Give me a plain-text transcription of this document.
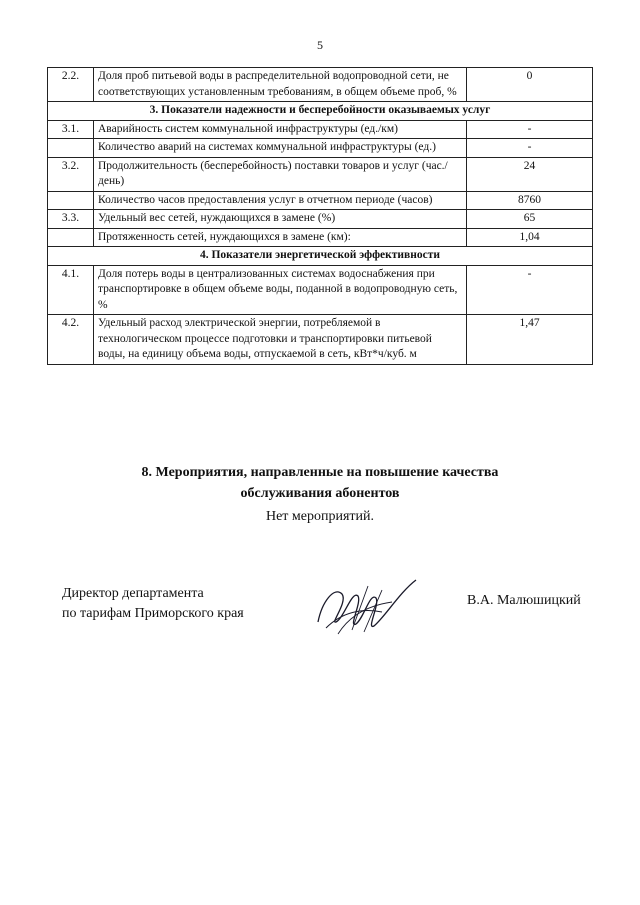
5
2.2.	Доля проб питьевой воды в распределительной водопроводной сети, не соответствующих установленным требованиям, в общем объеме проб, %	0
3. Показатели надежности и бесперебойности оказываемых услуг		
3.1.	Аварийность систем коммунальной инфраструктуры (ед./км)	-
	Количество аварий на системах коммунальной инфраструктуры (ед.)	-
3.2.	Продолжительность (бесперебойность) поставки товаров и услуг (час./день)	24
	Количество часов предоставления услуг в отчетном периоде (часов)	8760
3.3.	Удельный вес сетей, нуждающихся в замене (%)	65
	Протяженность сетей, нуждающихся в замене (км):	1,04
4. Показатели энергетической эффективности		
4.1.	Доля потерь воды в централизованных системах водоснабжения при транспортировке в общем объеме воды, поданной в водопроводную сеть, %	-
4.2.	Удельный расход электрической энергии, потребляемой в технологическом процессе подготовки и транспортировки питьевой воды, на единицу объема воды, отпускаемой в сеть, кВт*ч/куб. м	1,47
8. Мероприятия, направленные на повышение качества
обслуживания абонентов
Нет мероприятий.
Директор департамента
по тарифам Приморского края
В.А. Малюшицкий
